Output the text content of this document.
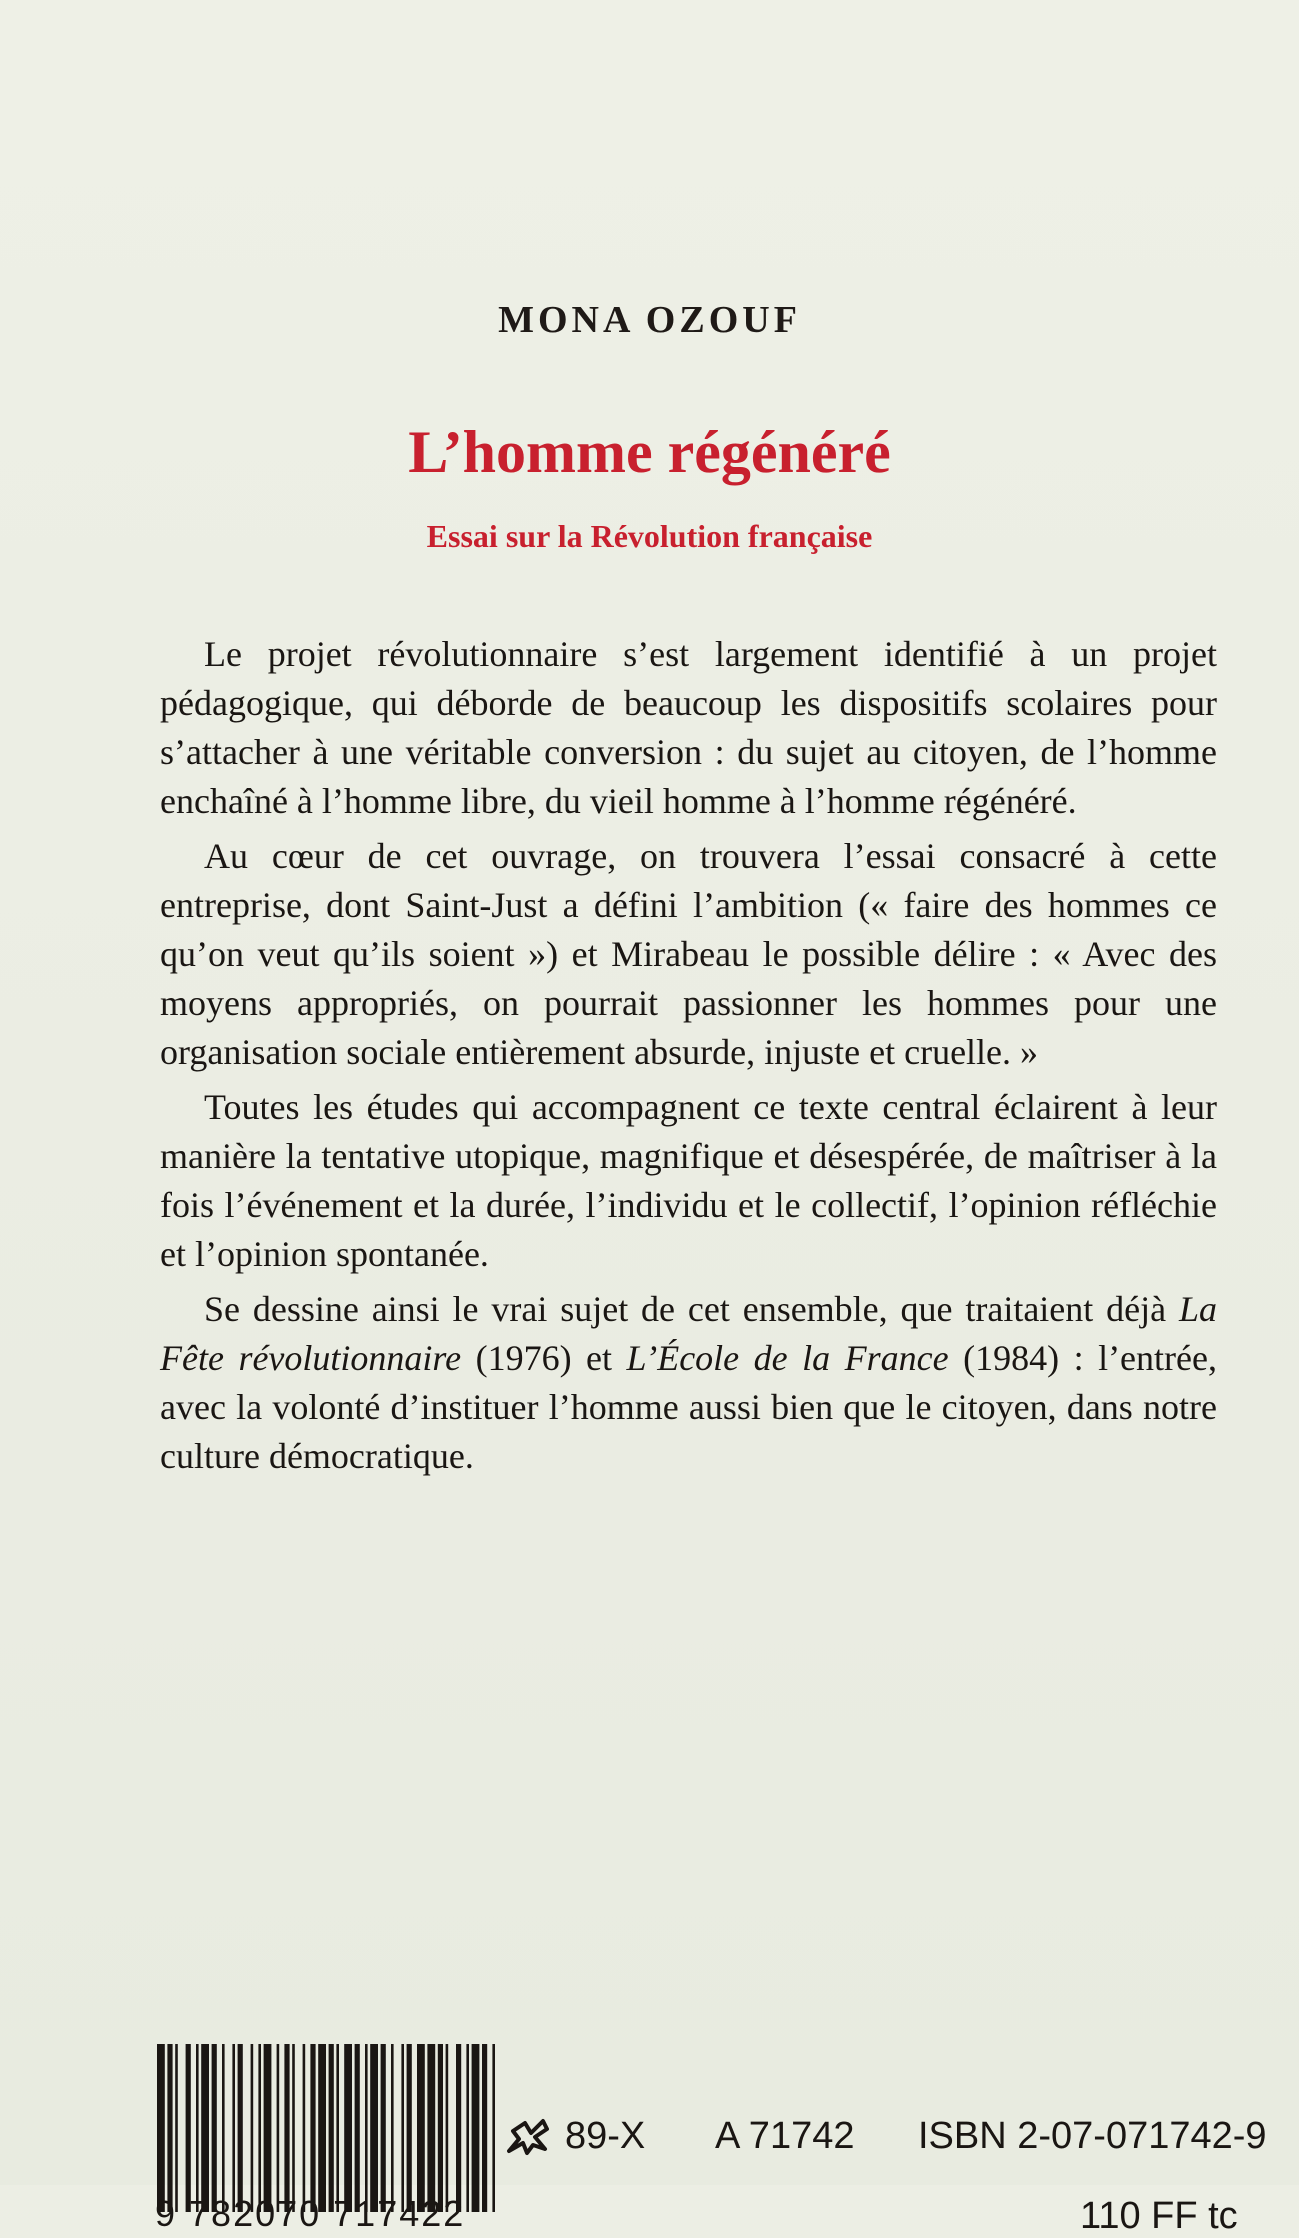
MONA OZOUF
L’homme régénéré
Essai sur la Révolution française

Le projet révolutionnaire s’est largement identifié à un projet pédagogique, qui déborde de beaucoup les dispositifs scolaires pour s’attacher à une véritable conversion : du sujet au citoyen, de l’homme enchaîné à l’homme libre, du vieil homme à l’homme régénéré.

Au cœur de cet ouvrage, on trouvera l’essai consacré à cette entreprise, dont Saint-Just a défini l’ambition (« faire des hommes ce qu’on veut qu’ils soient ») et Mirabeau le possible délire : « Avec des moyens appropriés, on pourrait passionner les hommes pour une organisation sociale entièrement absurde, injuste et cruelle. »

Toutes les études qui accompagnent ce texte central éclairent à leur manière la tentative utopique, magnifique et désespérée, de maîtriser à la fois l’événement et la durée, l’individu et le collectif, l’opinion réfléchie et l’opinion spontanée.

Se dessine ainsi le vrai sujet de cet ensemble, que traitaient déjà La Fête révolutionnaire (1976) et L’École de la France (1984) : l’entrée, avec la volonté d’instituer l’homme aussi bien que le citoyen, dans notre culture démocratique.

9 782070 717422
89-X A 71742 ISBN 2-07-071742-9
110 FF tc
